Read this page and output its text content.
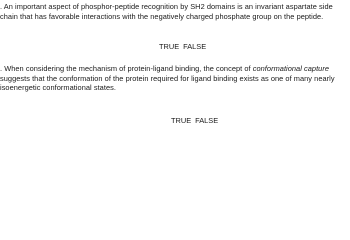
. An important aspect of phosphor-peptide recognition by SH2 domains is an invariant aspartate side chain that has favorable interactions with the negatively charged phosphate group on the peptide.
TRUE FALSE
. When considering the mechanism of protein-ligand binding, the concept of conformational capture suggests that the conformation of the protein required for ligand binding exists as one of many nearly isoenergetic conformational states.
TRUE FALSE
